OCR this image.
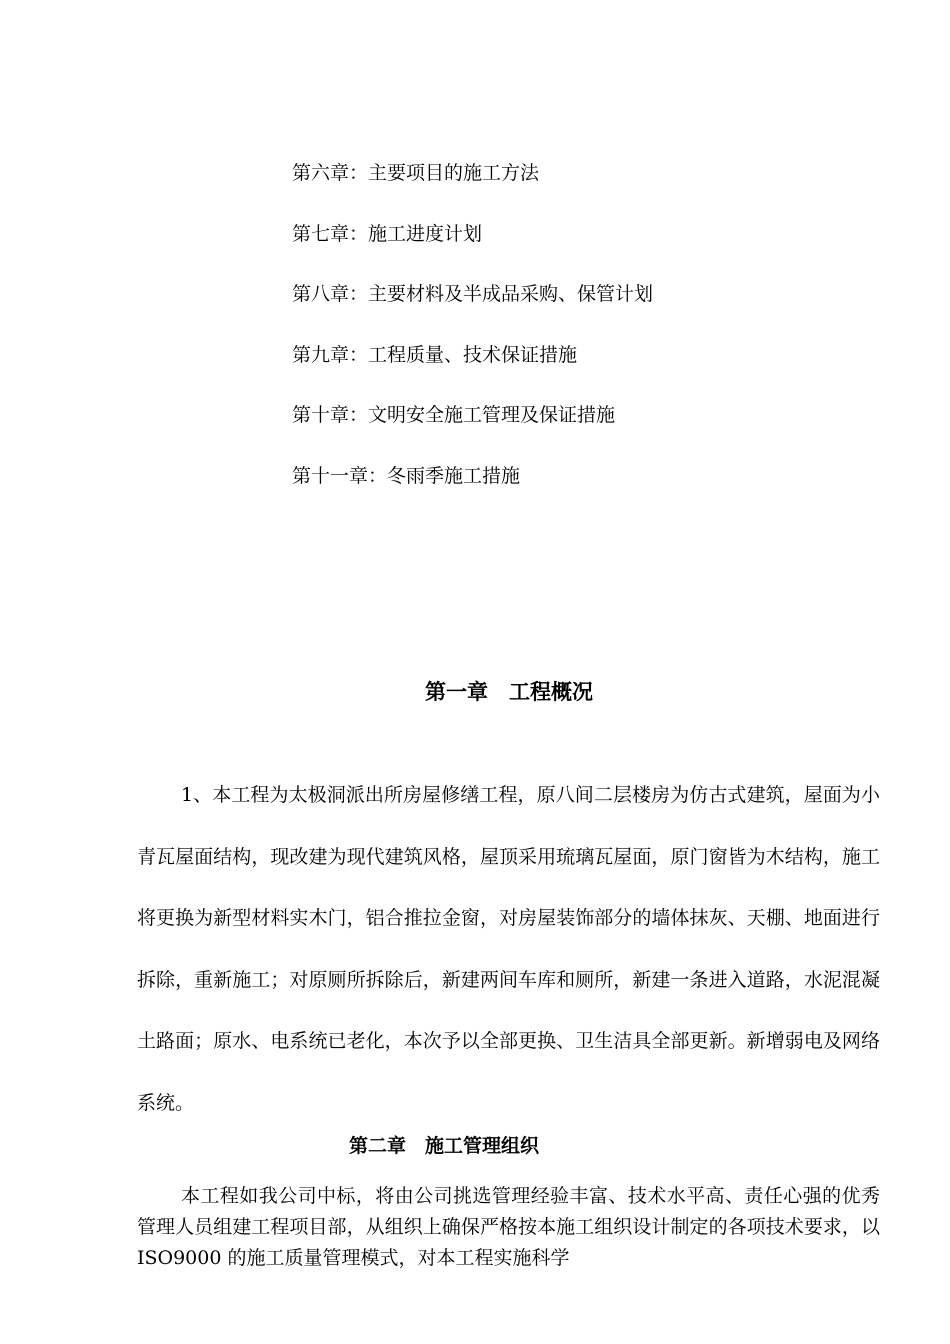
第六章：主要项目的施工方法
第七章：施工进度计划
第八章：主要材料及半成品采购、保管计划
第九章：工程质量、技术保证措施
第十章：文明安全施工管理及保证措施
第十一章：冬雨季施工措施
第一章　工程概况

1、本工程为太极洞派出所房屋修缮工程，原八间二层楼房为仿古式建筑，屋面为小青瓦屋面结构，现改建为现代建筑风格，屋顶采用琉璃瓦屋面，原门窗皆为木结构，施工将更换为新型材料实木门，铝合推拉金窗，对房屋装饰部分的墙体抹灰、天棚、地面进行拆除，重新施工；对原厕所拆除后，新建两间车库和厕所，新建一条进入道路，水泥混凝土路面；原水、电系统已老化，本次予以全部更换、卫生洁具全部更新。新增弱电及网络系统。

第二章　施工管理组织

本工程如我公司中标，将由公司挑选管理经验丰富、技术水平高、责任心强的优秀管理人员组建工程项目部，从组织上确保严格按本施工组织设计制定的各项技术要求，以 ISO9000 的施工质量管理模式，对本工程实施科学
